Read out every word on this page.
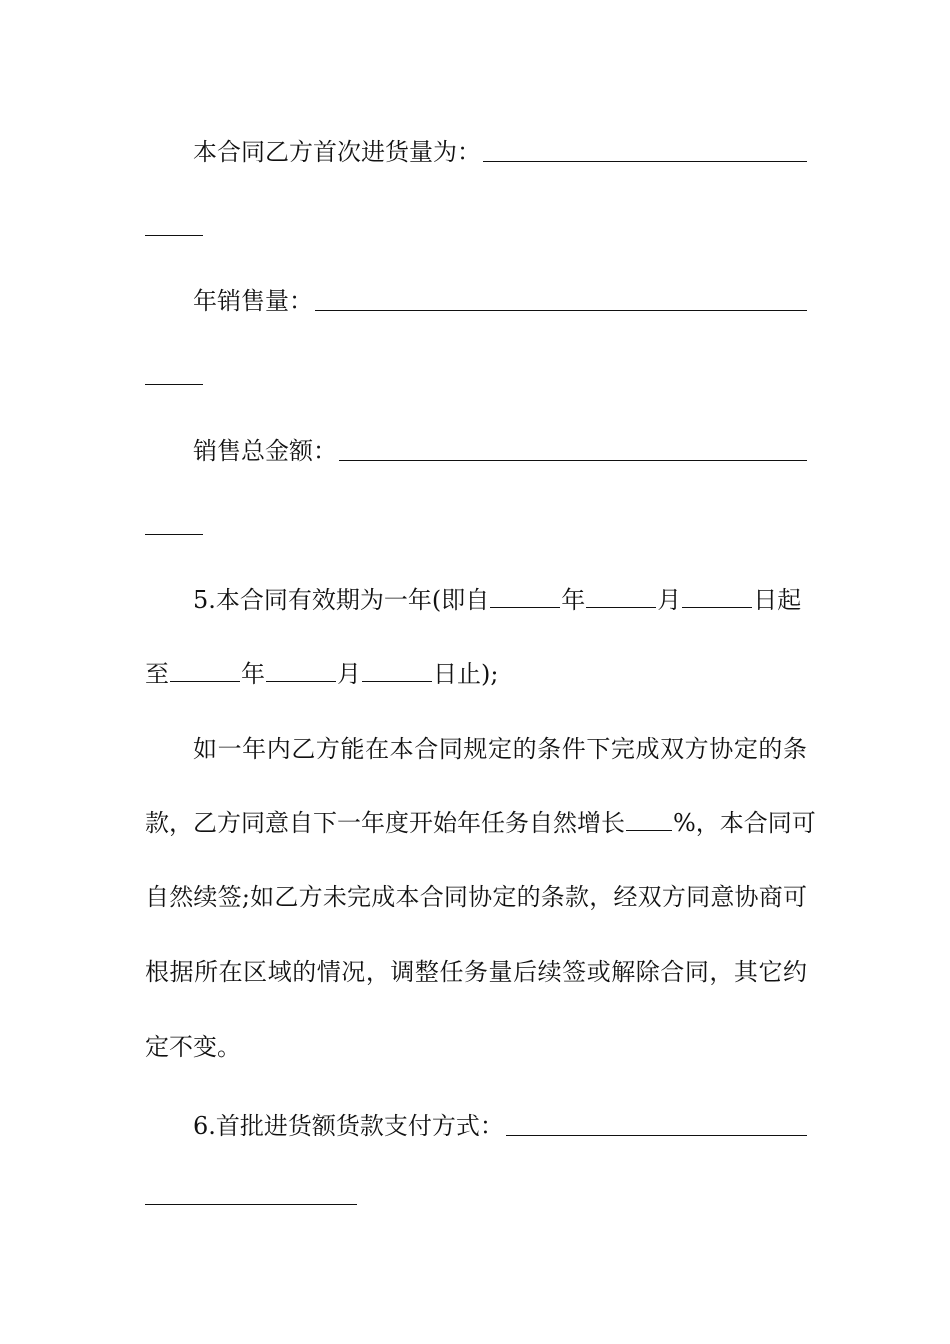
本合同乙方首次进货量为：
年销售量：
销售总金额：
5.本合同有效期为一年(即自	年	月	日起
至	年	月	日止);
如一年内乙方能在本合同规定的条件下完成双方协定的条
款，乙方同意自下一年度开始年任务自然增长 %，本合同可
自然续签;如乙方未完成本合同协定的条款，经双方同意协商可
根据所在区域的情况，调整任务量后续签或解除合同，其它约
定不变。
6.首批进货额货款支付方式：
